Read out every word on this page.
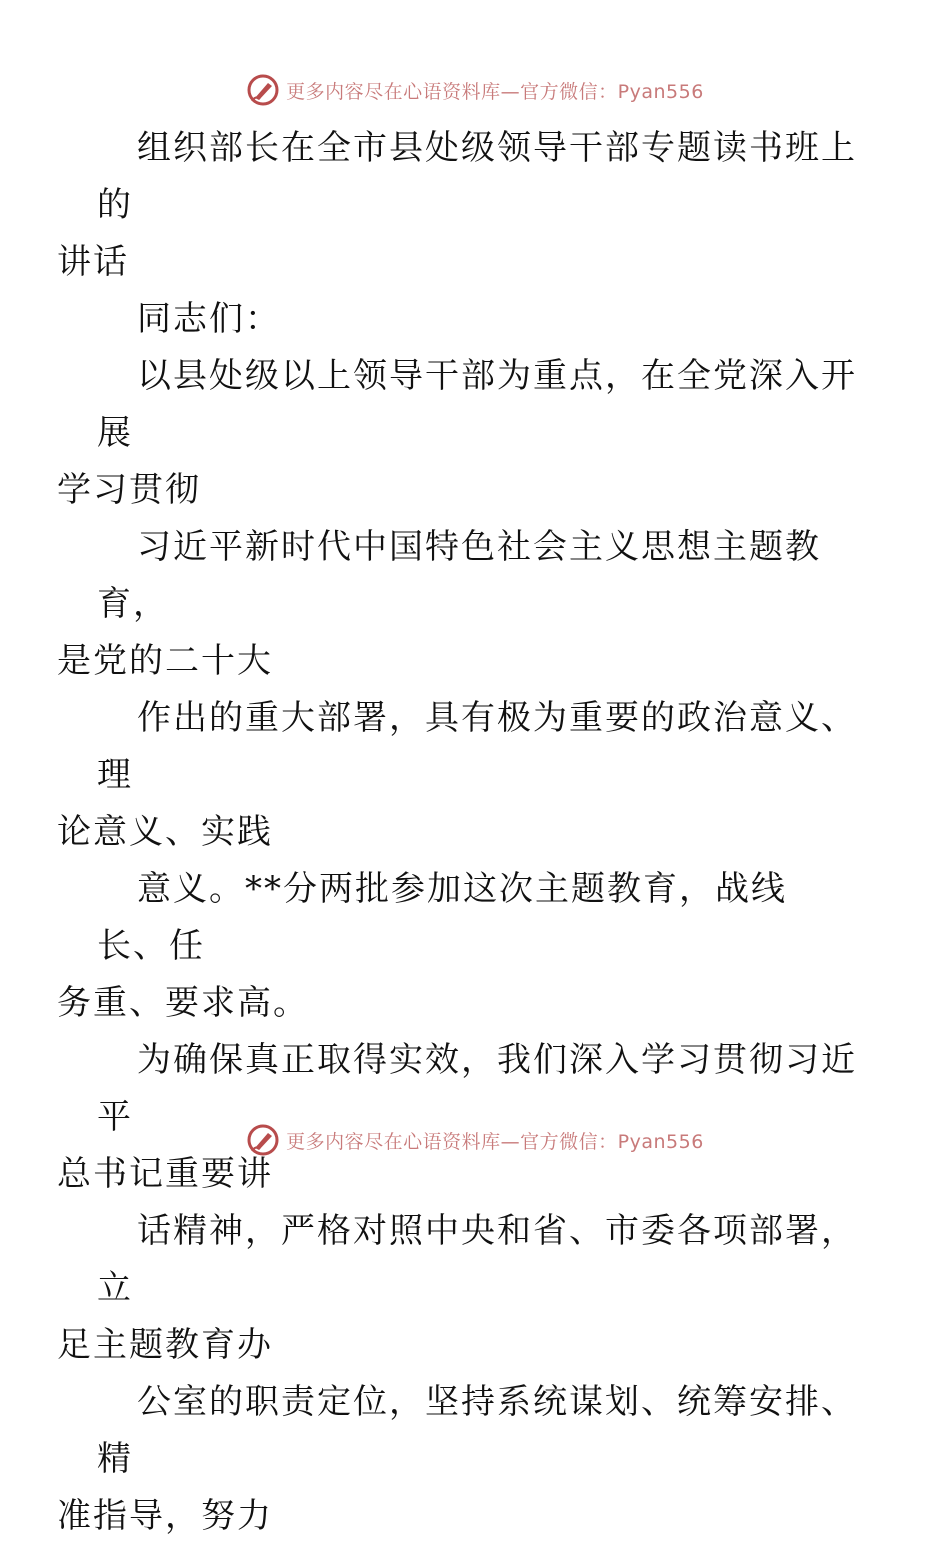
更多内容尽在心语资料库—官方微信：Pyan556

组织部长在全市县处级领导干部专题读书班上的
讲话

同志们：

以县处级以上领导干部为重点，在全党深入开展
学习贯彻

习近平新时代中国特色社会主义思想主题教育，
是党的二十大

作出的重大部署，具有极为重要的政治意义、理
论意义、实践

意义。**分两批参加这次主题教育，战线长、任
务重、要求高。

为确保真正取得实效，我们深入学习贯彻习近平
总书记重要讲

话精神，严格对照中央和省、市委各项部署，立
足主题教育办

公室的职责定位，坚持系统谋划、统筹安排、精
准指导，努力

更多内容尽在心语资料库—官方微信：Pyan556
